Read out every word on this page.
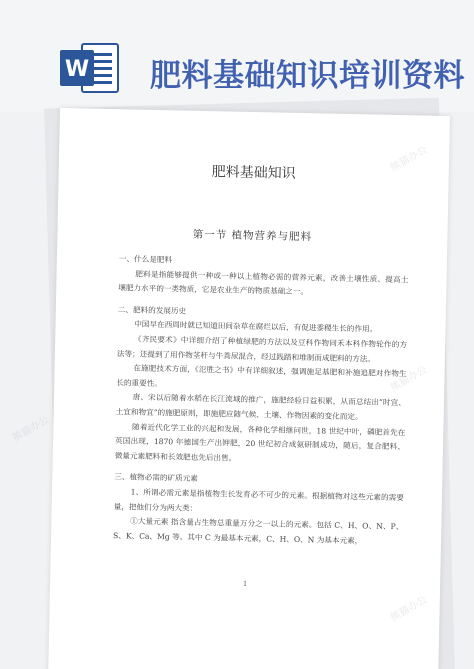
W 肥料基础知识培训资料
肥料基础知识
第一节 植物营养与肥料
一、什么是肥料
肥料是指能够提供一种或一种以上植物必需的营养元素，改善土壤性质、提高土壤肥力水平的一类物质，它是农业生产的物质基础之一。
二、肥料的发展历史
中国早在西周时就已知道田间杂草在腐烂以后，有促进黍稷生长的作用。
《齐民要术》中详细介绍了种植绿肥的方法以及豆科作物同禾本科作物轮作的方法等；还提到了用作物茎秆与牛粪尿混合，经过践踏和堆制而成肥料的方法。
在施肥技术方面，《氾胜之书》中有详细叙述，强调施足基肥和补施追肥对作物生长的重要性。
唐、宋以后随着水稻在长江流域的推广，施肥经验日益积累，从而总结出“时宜、土宜和物宜”的施肥原则，即施肥应随气候、土壤、作物因素的变化而定。
随着近代化学工业的兴起和发展，各种化学相继问世，18 世纪中叶，磷肥首先在英国出现，1870 年德国生产出钾肥，20 世纪初合成氨研制成功，随后，复合肥料、微量元素肥料和长效肥也先后出售。
三、植物必需的矿质元素
1、所谓必需元素是指植物生长发育必不可少的元素。根据植物对这些元素的需要量，把他们分为两大类：
①大量元素 指含量占生物总重量万分之一以上的元素。包括 C、H、O、N、P、S、K、Ca、Mg 等。其中 C 为最基本元素，C、H、O、N 为基本元素，
1
熊猫办公
熊猫办公
熊猫办公
熊猫办公
